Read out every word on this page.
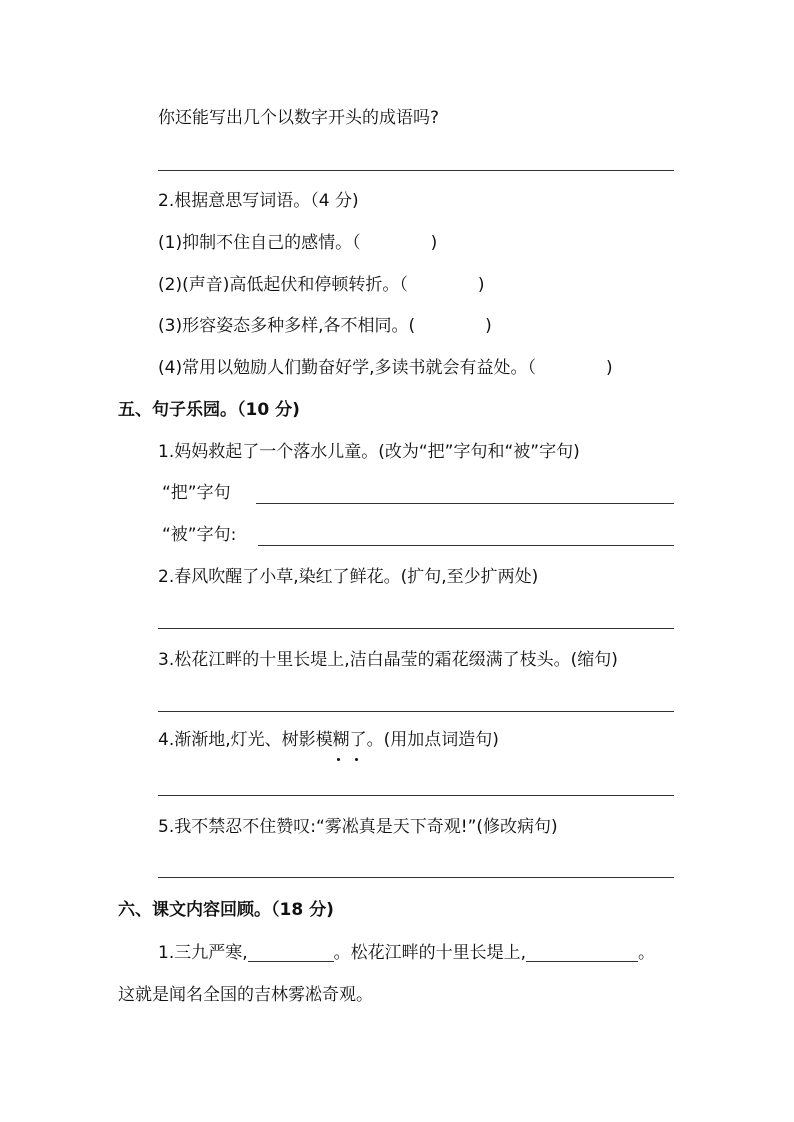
你还能写出几个以数字开头的成语吗?
2.根据意思写词语。（4 分)
(1)抑制不住自己的感情。（	)
(2)(声音)高低起伏和停顿转折。（	)
(3)形容姿态多种多样,各不相同。(	)
(4)常用以勉励人们勤奋好学,多读书就会有益处。（	)
五、句子乐园。（10 分)
1.妈妈救起了一个落水儿童。(改为“把”字句和“被”字句)
“把”字句
“被”字句:
2.春风吹醒了小草,染红了鲜花。(扩句,至少扩两处)
3.松花江畔的十里长堤上,洁白晶莹的霜花缀满了枝头。(缩句)
4.渐渐地,灯光、树影模糊了。(用加点词造句)
5.我不禁忍不住赞叹:“雾凇真是天下奇观!”(修改病句)
六、课文内容回顾。（18 分)
1.三九严寒,	。松花江畔的十里长堤上,	。
这就是闻名全国的吉林雾凇奇观。
